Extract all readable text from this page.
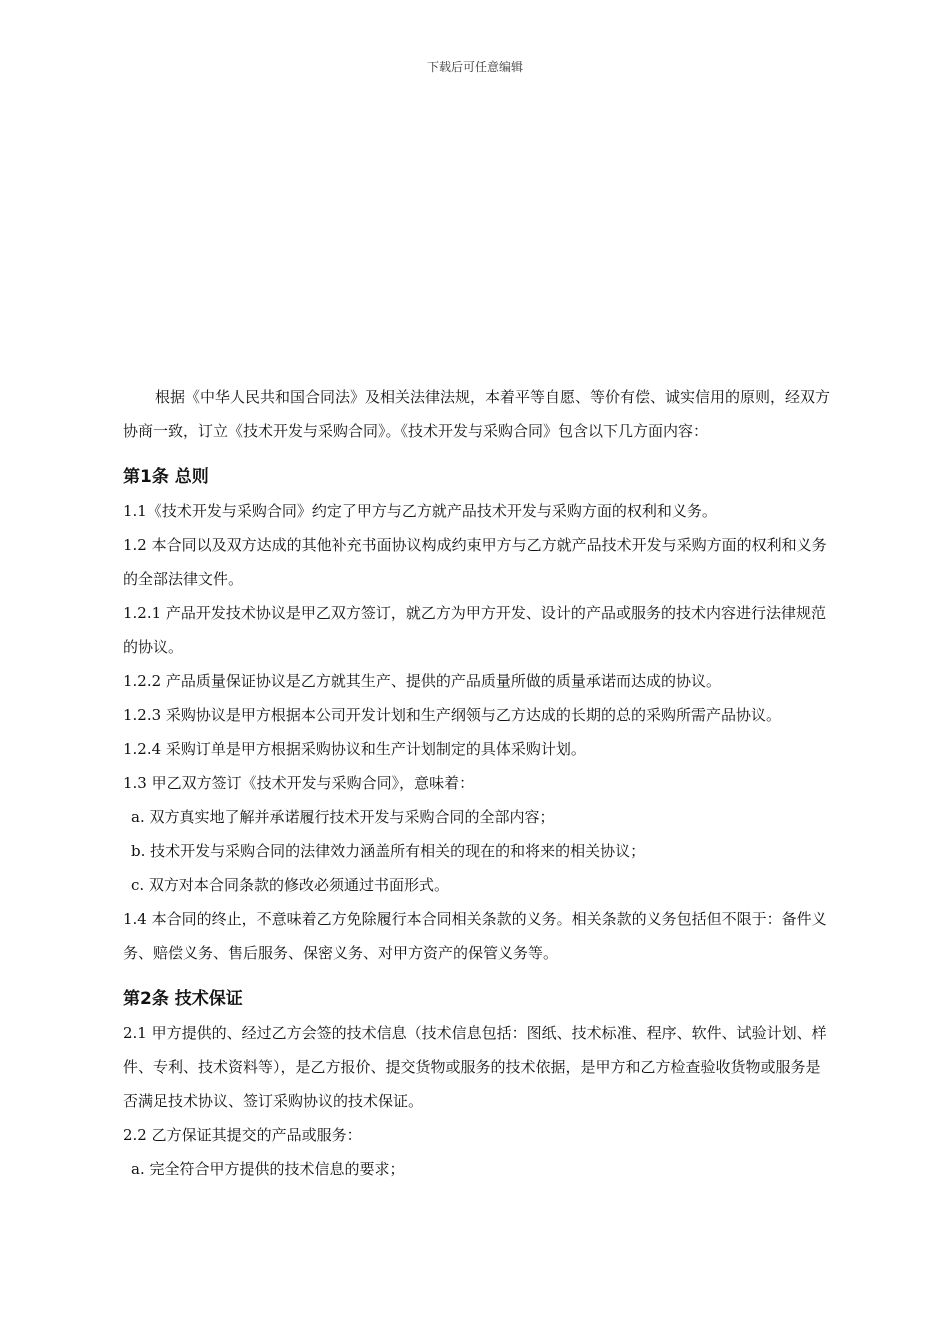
下载后可任意编辑

根据《中华人民共和国合同法》及相关法律法规，本着平等自愿、等价有偿、诚实信用的原则，经双方协商一致，订立《技术开发与采购合同》。《技术开发与采购合同》包含以下几方面内容：

第1条 总则

1.1《技术开发与采购合同》约定了甲方与乙方就产品技术开发与采购方面的权利和义务。

1.2 本合同以及双方达成的其他补充书面协议构成约束甲方与乙方就产品技术开发与采购方面的权利和义务的全部法律文件。

1.2.1 产品开发技术协议是甲乙双方签订，就乙方为甲方开发、设计的产品或服务的技术内容进行法律规范的协议。

1.2.2 产品质量保证协议是乙方就其生产、提供的产品质量所做的质量承诺而达成的协议。

1.2.3 采购协议是甲方根据本公司开发计划和生产纲领与乙方达成的长期的总的采购所需产品协议。

1.2.4 采购订单是甲方根据采购协议和生产计划制定的具体采购计划。

1.3 甲乙双方签订《技术开发与采购合同》，意味着：

a. 双方真实地了解并承诺履行技术开发与采购合同的全部内容；

b. 技术开发与采购合同的法律效力涵盖所有相关的现在的和将来的相关协议；

c. 双方对本合同条款的修改必须通过书面形式。

1.4 本合同的终止，不意味着乙方免除履行本合同相关条款的义务。相关条款的义务包括但不限于：备件义务、赔偿义务、售后服务、保密义务、对甲方资产的保管义务等。

第2条 技术保证

2.1 甲方提供的、经过乙方会签的技术信息（技术信息包括：图纸、技术标准、程序、软件、试验计划、样件、专利、技术资料等），是乙方报价、提交货物或服务的技术依据，是甲方和乙方检查验收货物或服务是否满足技术协议、签订采购协议的技术保证。

2.2 乙方保证其提交的产品或服务：

a. 完全符合甲方提供的技术信息的要求；
